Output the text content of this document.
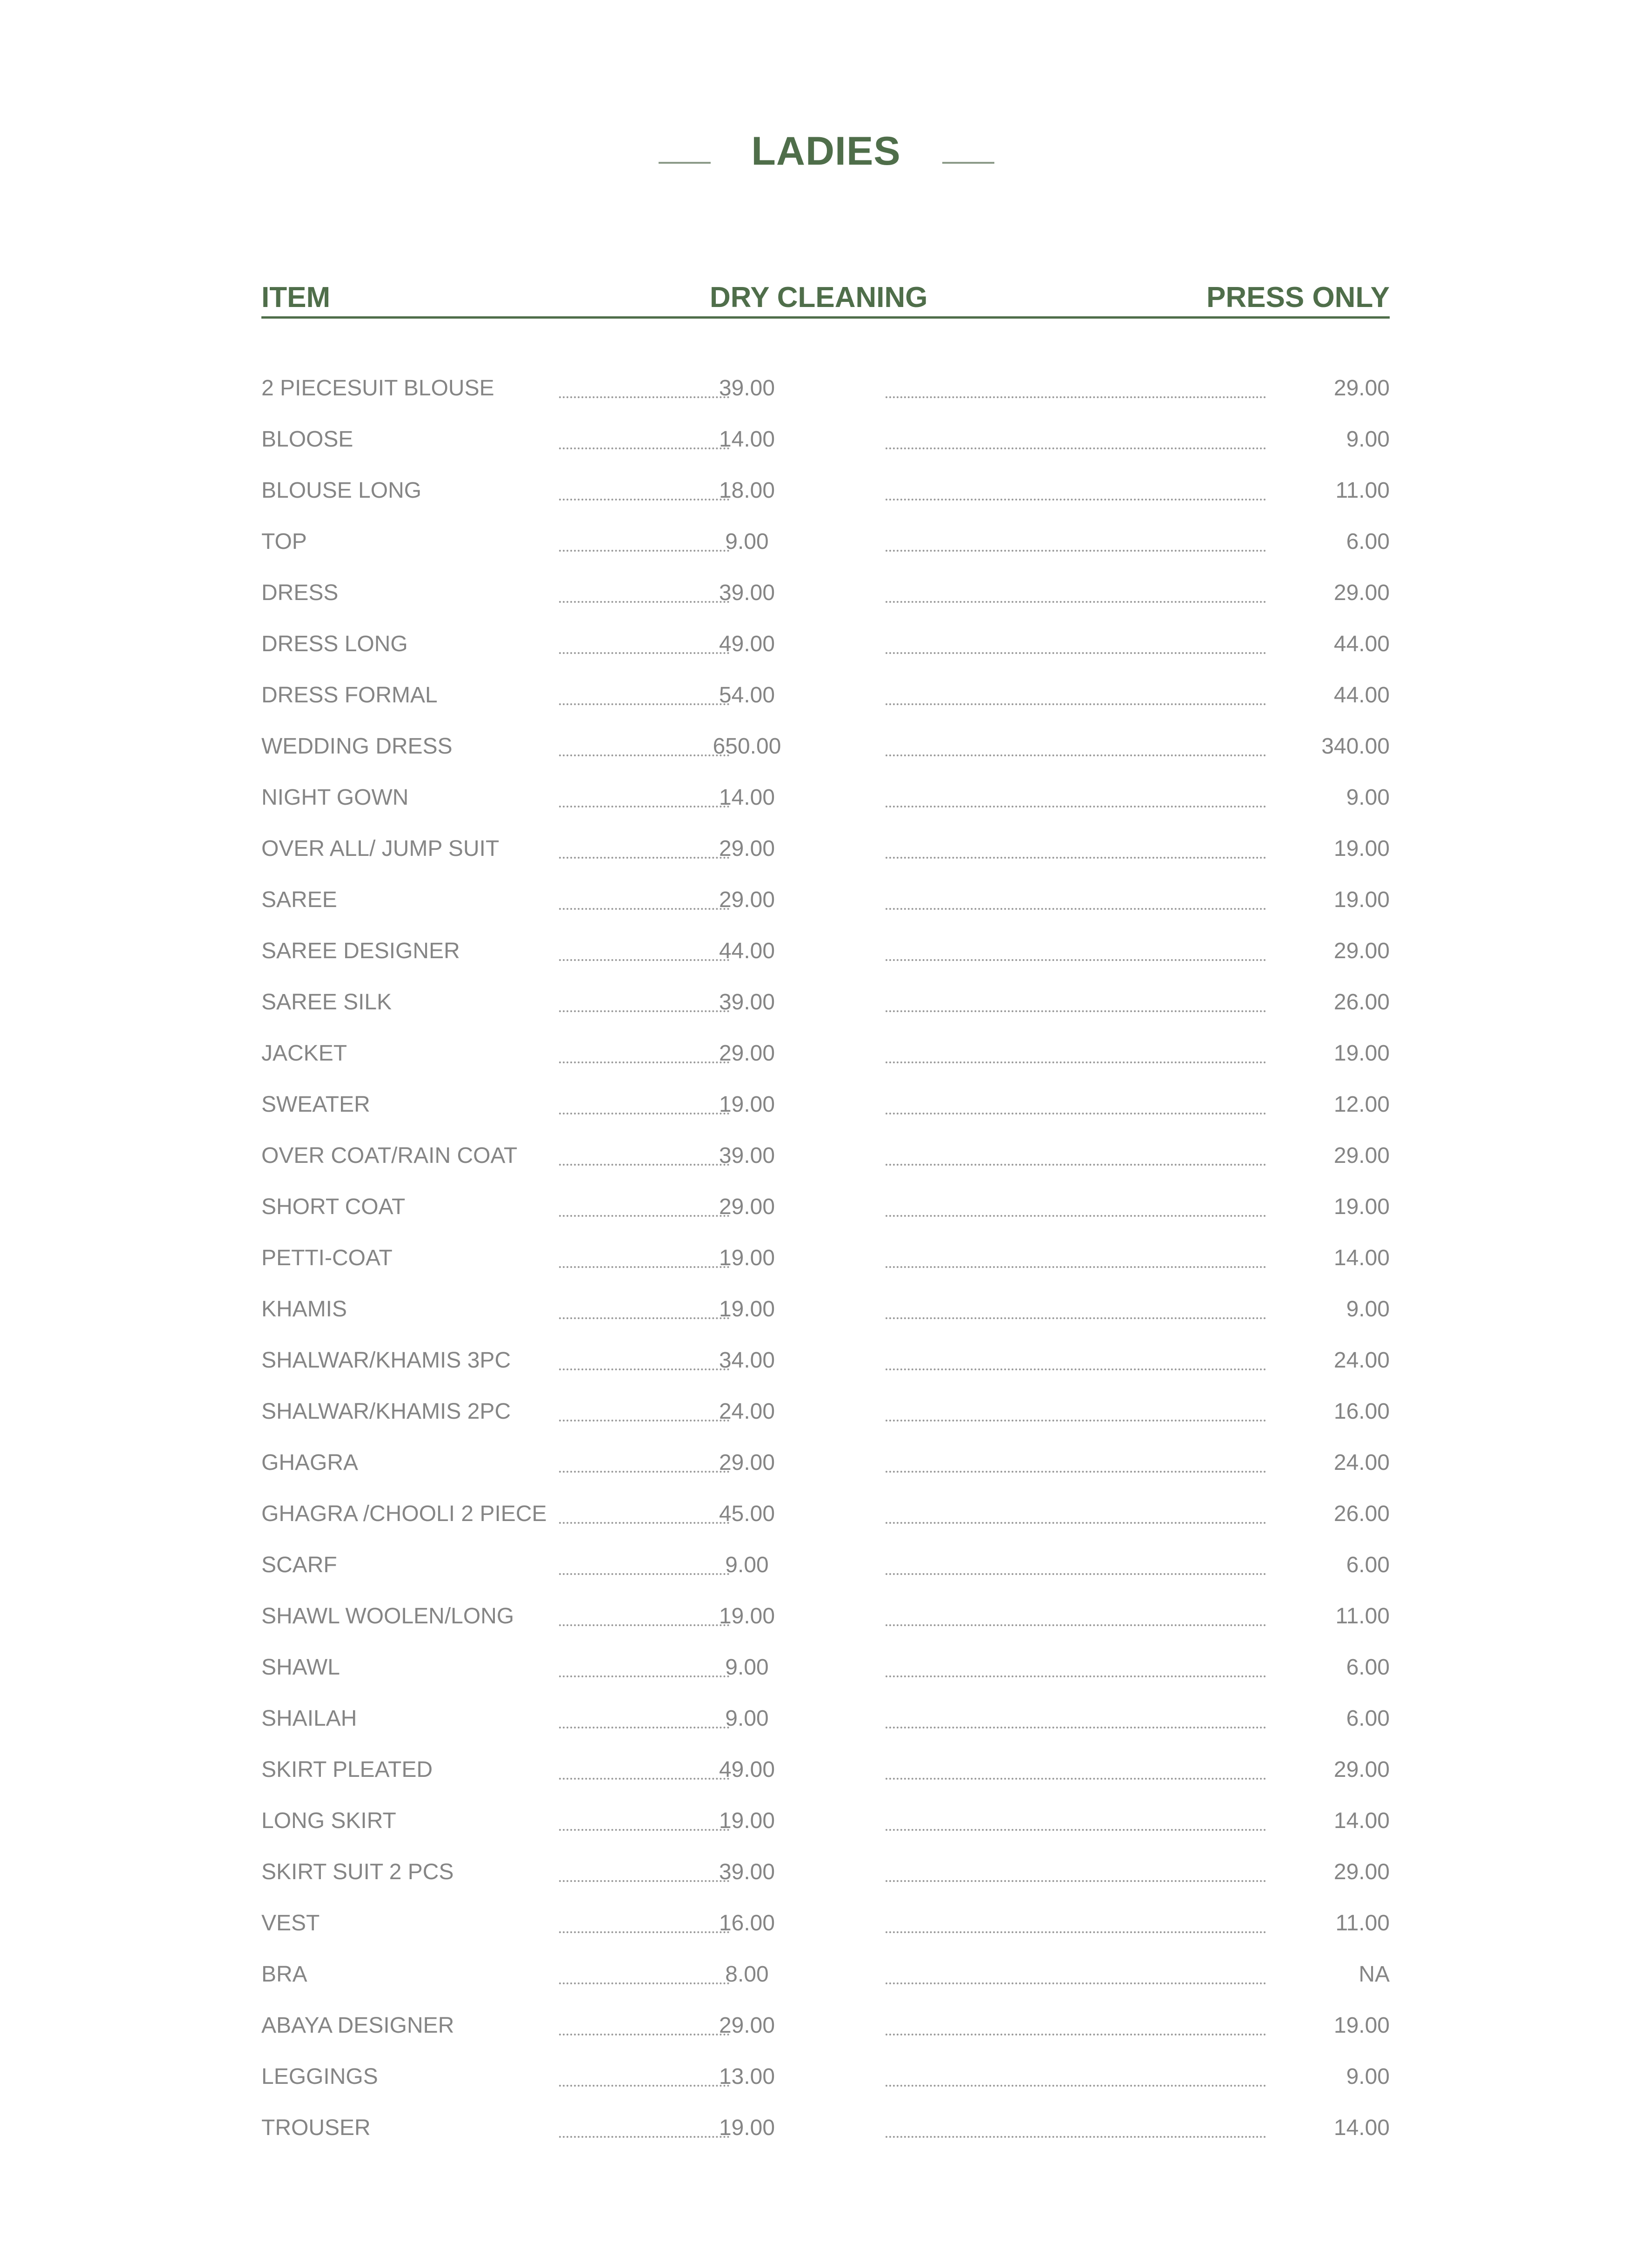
LADIES
ITEM	DRY CLEANING	PRESS ONLY
2 PIECESUIT BLOUSE	39.00	29.00
BLOOSE	14.00	9.00
BLOUSE LONG	18.00	11.00
TOP	9.00	6.00
DRESS	39.00	29.00
DRESS LONG	49.00	44.00
DRESS FORMAL	54.00	44.00
WEDDING DRESS	650.00	340.00
NIGHT GOWN	14.00	9.00
OVER ALL/ JUMP SUIT	29.00	19.00
SAREE	29.00	19.00
SAREE DESIGNER	44.00	29.00
SAREE SILK	39.00	26.00
JACKET	29.00	19.00
SWEATER	19.00	12.00
OVER COAT/RAIN COAT	39.00	29.00
SHORT COAT	29.00	19.00
PETTI-COAT	19.00	14.00
KHAMIS	19.00	9.00
SHALWAR/KHAMIS 3PC	34.00	24.00
SHALWAR/KHAMIS 2PC	24.00	16.00
GHAGRA	29.00	24.00
GHAGRA /CHOOLI 2 PIECE	45.00	26.00
SCARF	9.00	6.00
SHAWL WOOLEN/LONG	19.00	11.00
SHAWL	9.00	6.00
SHAILAH	9.00	6.00
SKIRT PLEATED	49.00	29.00
LONG SKIRT	19.00	14.00
SKIRT SUIT 2 PCS	39.00	29.00
VEST	16.00	11.00
BRA	8.00	NA
ABAYA DESIGNER	29.00	19.00
LEGGINGS	13.00	9.00
TROUSER	19.00	14.00
